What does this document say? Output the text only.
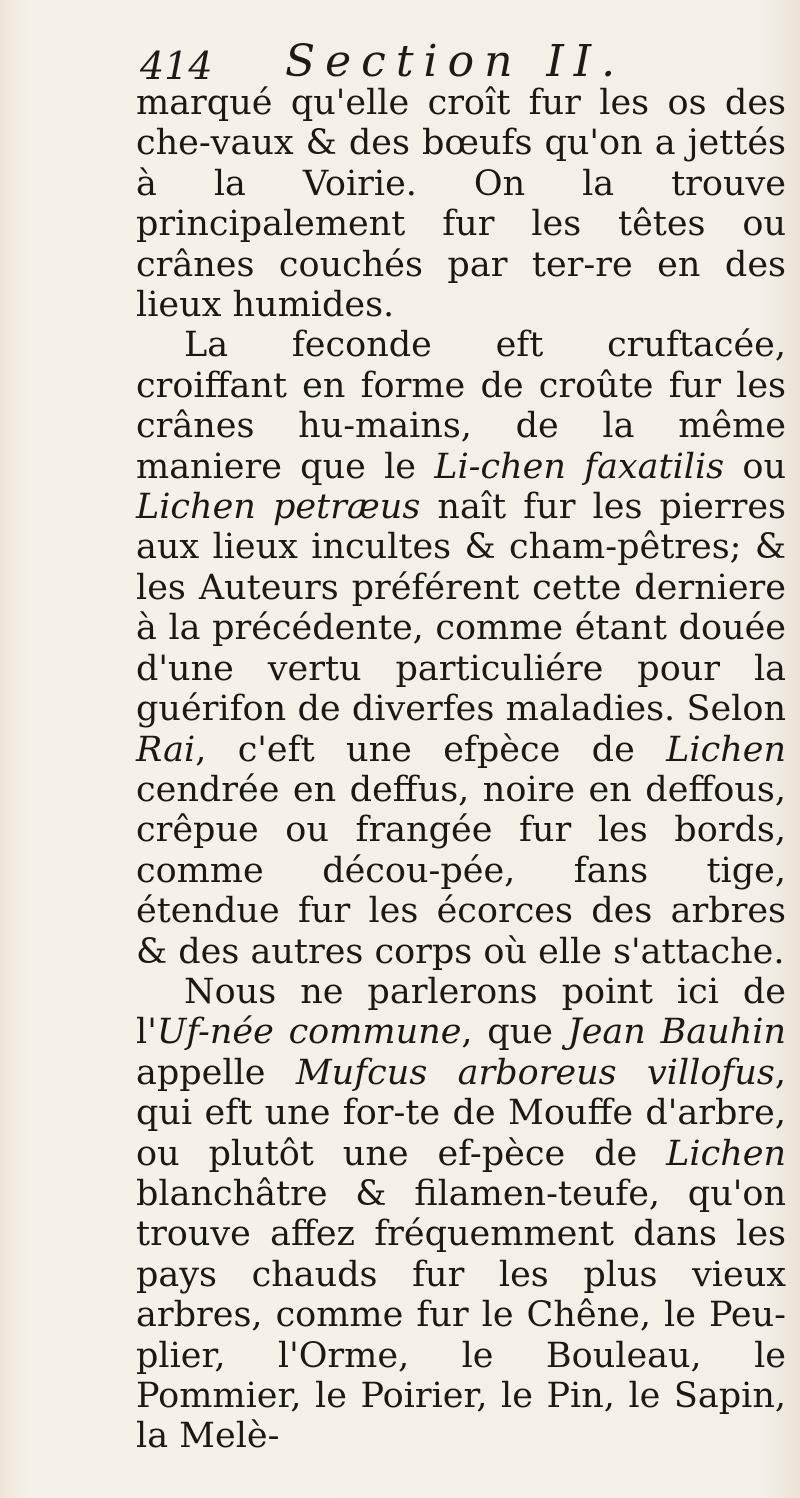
414 Section II.

marqué qu'elle croît fur les os des che-vaux & des bœufs qu'on a jettés à la Voirie. On la trouve principalement fur les têtes ou crânes couchés par ter-re en des lieux humides.

La feconde eft cruftacée, croiffant en forme de croûte fur les crânes hu-mains, de la même maniere que le Li-chen faxatilis ou Lichen petræus naît fur les pierres aux lieux incultes & cham-pêtres; & les Auteurs préférent cette derniere à la précédente, comme étant douée d'une vertu particuliére pour la guérifon de diverfes maladies. Selon Rai, c'eft une efpèce de Lichen cendrée en deffus, noire en deffous, crêpue ou frangée fur les bords, comme décou-pée, fans tige, étendue fur les écorces des arbres & des autres corps où elle s'attache.

Nous ne parlerons point ici de l'Uf-née commune, que Jean Bauhin appelle Mufcus arboreus villofus, qui eft une for-te de Mouffe d'arbre, ou plutôt une ef-pèce de Lichen blanchâtre & filamen-teufe, qu'on trouve affez fréquemment dans les pays chauds fur les plus vieux arbres, comme fur le Chêne, le Peu-plier, l'Orme, le Bouleau, le Pommier, le Poirier, le Pin, le Sapin, la Melè-
